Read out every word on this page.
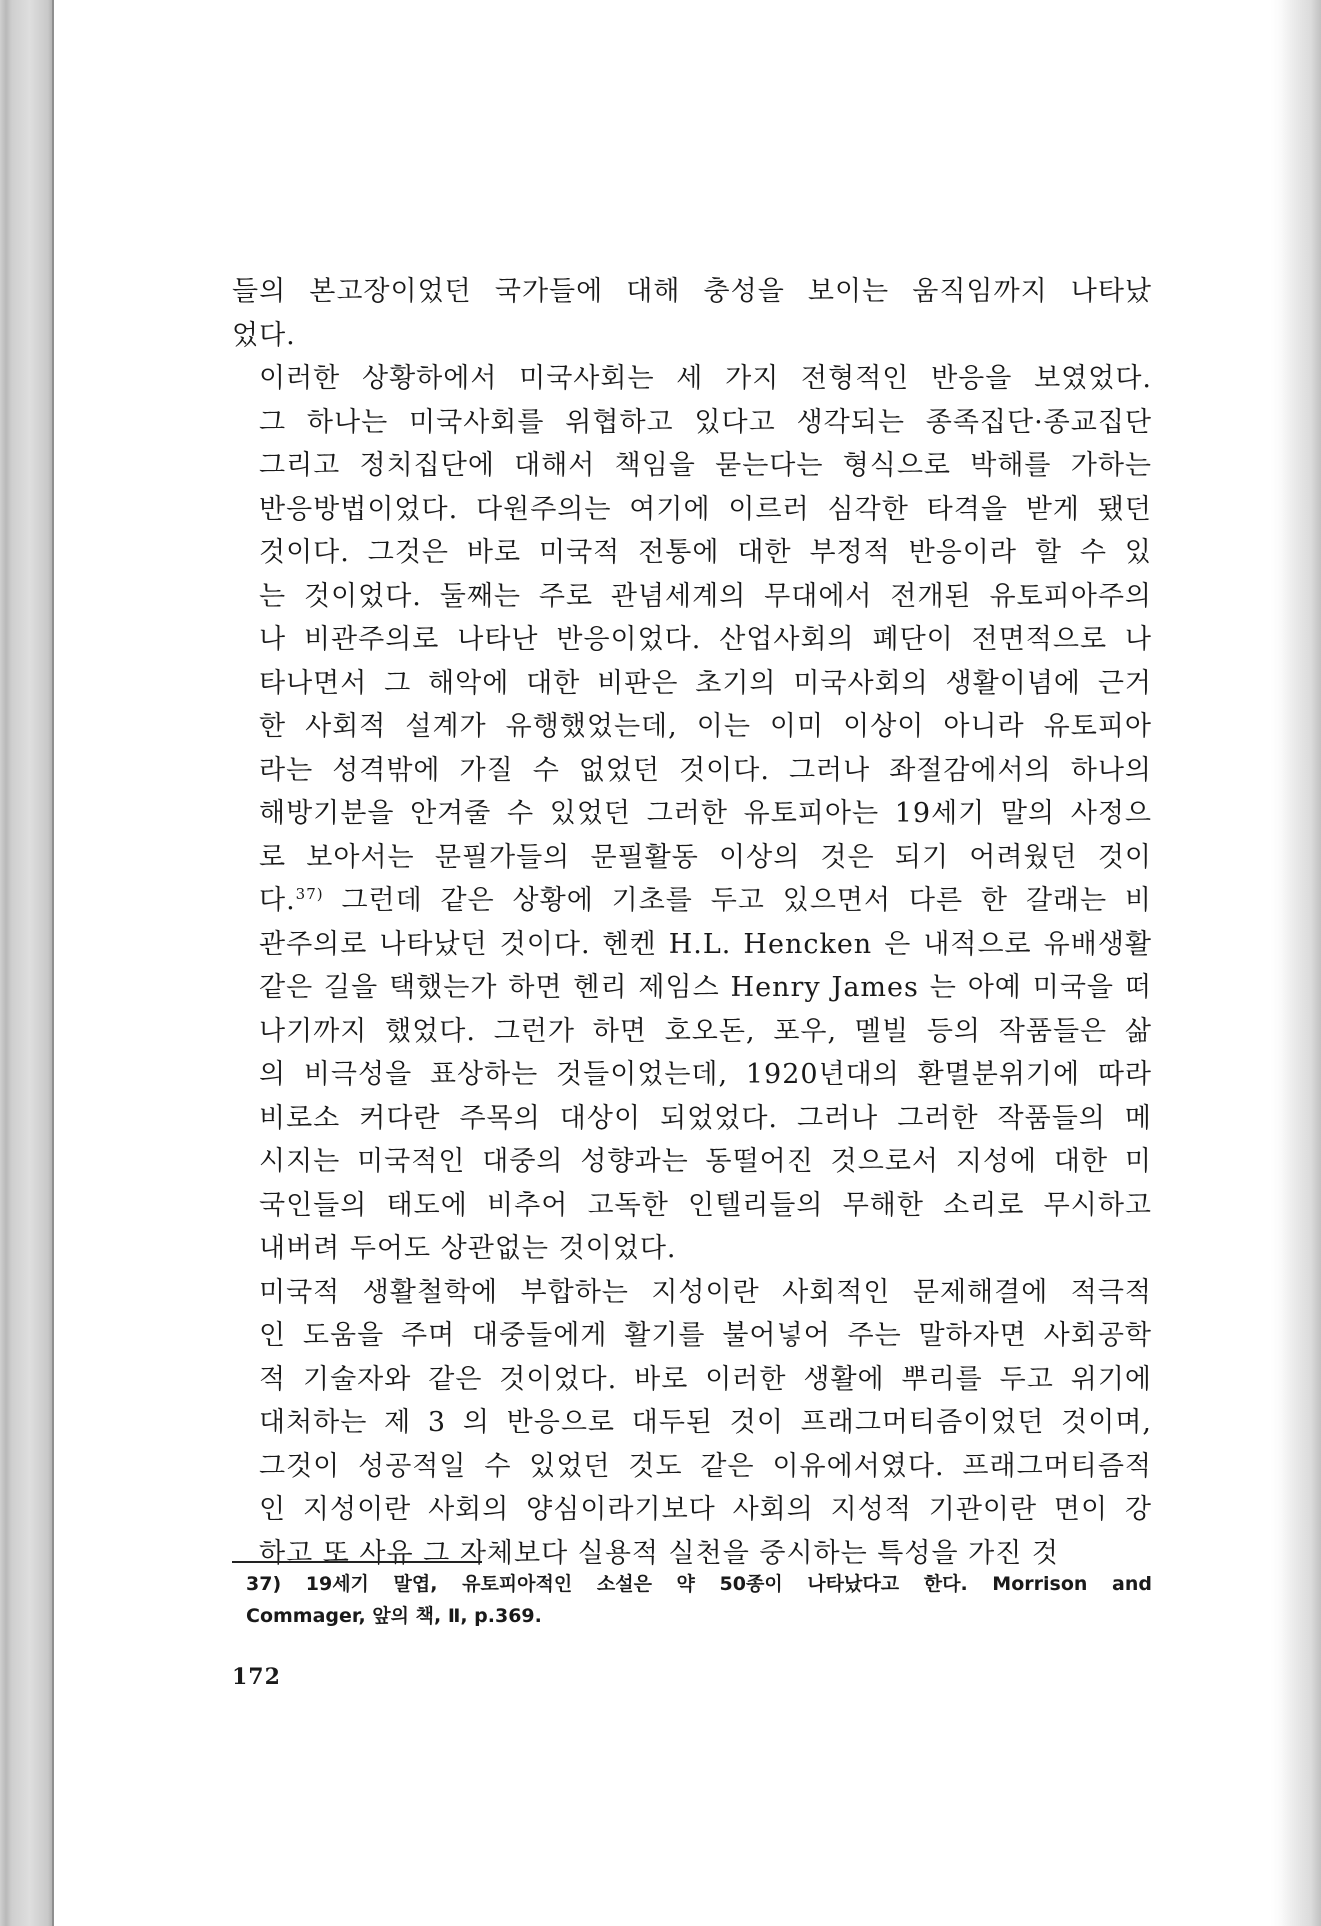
들의 본고장이었던 국가들에 대해 충성을 보이는 움직임까지 나타났
었다.
이러한 상황하에서 미국사회는 세 가지 전형적인 반응을 보였었다.
그 하나는 미국사회를 위협하고 있다고 생각되는 종족집단·종교집단
그리고 정치집단에 대해서 책임을 묻는다는 형식으로 박해를 가하는
반응방법이었다. 다원주의는 여기에 이르러 심각한 타격을 받게 됐던
것이다. 그것은 바로 미국적 전통에 대한 부정적 반응이라 할 수 있
는 것이었다. 둘째는 주로 관념세계의 무대에서 전개된 유토피아주의
나 비관주의로 나타난 반응이었다. 산업사회의 폐단이 전면적으로 나
타나면서 그 해악에 대한 비판은 초기의 미국사회의 생활이념에 근거
한 사회적 설계가 유행했었는데, 이는 이미 이상이 아니라 유토피아
라는 성격밖에 가질 수 없었던 것이다. 그러나 좌절감에서의 하나의
해방기분을 안겨줄 수 있었던 그러한 유토피아는 19세기 말의 사정으
로 보아서는 문필가들의 문필활동 이상의 것은 되기 어려웠던 것이
다.$^{37)}$ 그런데 같은 상황에 기초를 두고 있으면서 다른 한 갈래는 비
관주의로 나타났던 것이다. 헨켄 H.L. Hencken 은 내적으로 유배생활
같은 길을 택했는가 하면 헨리 제임스 Henry James 는 아예 미국을 떠
나기까지 했었다. 그런가 하면 호오돈, 포우, 멜빌 등의 작품들은 삶
의 비극성을 표상하는 것들이었는데, 1920년대의 환멸분위기에 따라
비로소 커다란 주목의 대상이 되었었다. 그러나 그러한 작품들의 메
시지는 미국적인 대중의 성향과는 동떨어진 것으로서 지성에 대한 미
국인들의 태도에 비추어 고독한 인텔리들의 무해한 소리로 무시하고
내버려 두어도 상관없는 것이었다.
미국적 생활철학에 부합하는 지성이란 사회적인 문제해결에 적극적
인 도움을 주며 대중들에게 활기를 불어넣어 주는 말하자면 사회공학
적 기술자와 같은 것이었다. 바로 이러한 생활에 뿌리를 두고 위기에
대처하는 제 3 의 반응으로 대두된 것이 프래그머티즘이었던 것이며,
그것이 성공적일 수 있었던 것도 같은 이유에서였다. 프래그머티즘적
인 지성이란 사회의 양심이라기보다 사회의 지성적 기관이란 면이 강
하고 또 사유 그 자체보다 실용적 실천을 중시하는 특성을 가진 것
37) 19세기 말엽, 유토피아적인 소설은 약 50종이 나타났다고 한다. Morrison and
Commager, 앞의 책, Ⅱ, p.369.
172
